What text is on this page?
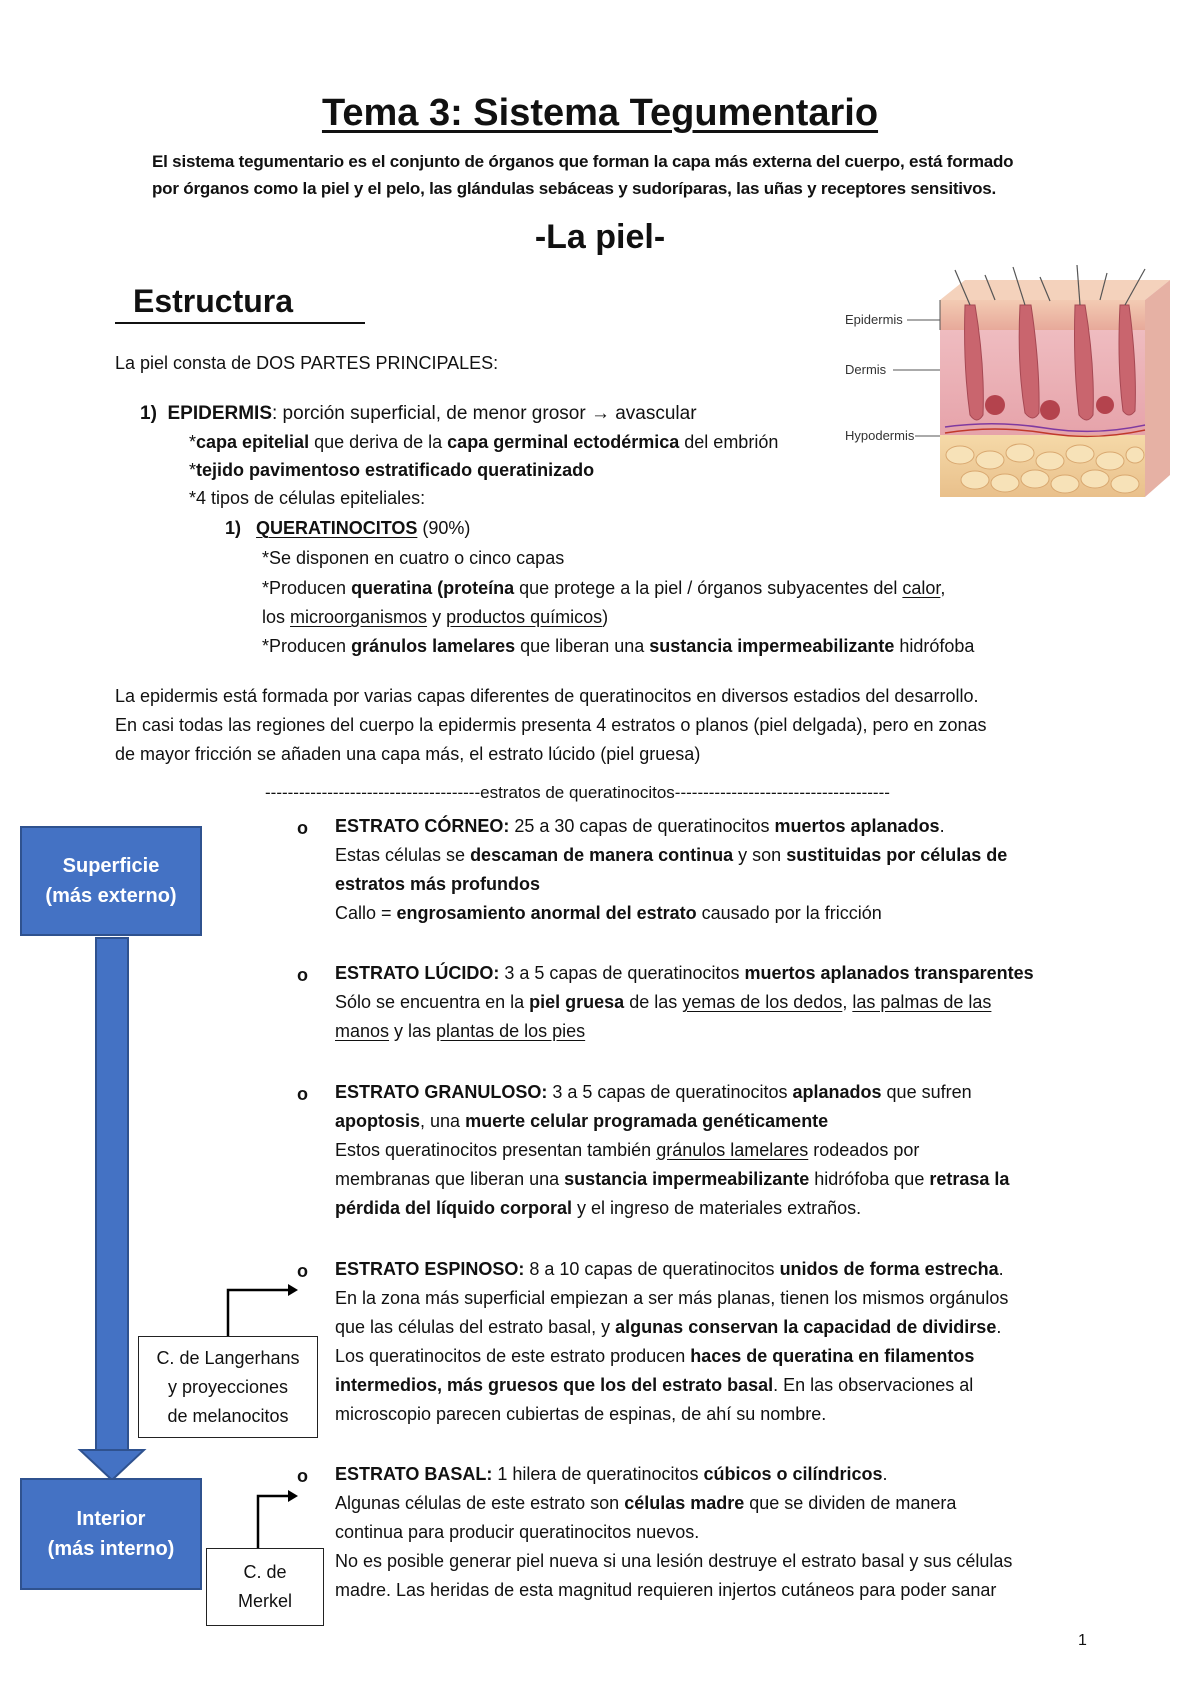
Tema 3: Sistema Tegumentario
El sistema tegumentario es el conjunto de órganos que forman la capa más externa del cuerpo, está formado
por órganos como la piel y el pelo, las glándulas sebáceas y sudoríparas, las uñas y receptores sensitivos.
-La piel-
Estructura
Epidermis
Dermis
Hypodermis
La piel consta de DOS PARTES PRINCIPALES:
1) EPIDERMIS: porción superficial, de menor grosor → avascular
*capa epitelial que deriva de la capa germinal ectodérmica del embrión
*tejido pavimentoso estratificado queratinizado
*4 tipos de células epiteliales:
1) QUERATINOCITOS (90%)
*Se disponen en cuatro o cinco capas
*Producen queratina (proteína que protege a la piel / órganos subyacentes del calor,
los microorganismos y productos químicos)
*Producen gránulos lamelares que liberan una sustancia impermeabilizante hidrófoba
La epidermis está formada por varias capas diferentes de queratinocitos en diversos estadios del desarrollo.
En casi todas las regiones del cuerpo la epidermis presenta 4 estratos o planos (piel delgada), pero en zonas
de mayor fricción se añaden una capa más, el estrato lúcido (piel gruesa)
--------------------------------------estratos de queratinocitos--------------------------------------
o ESTRATO CÓRNEO: 25 a 30 capas de queratinocitos muertos aplanados.
Estas células se descaman de manera continua y son sustituidas por células de
estratos más profundos
Callo = engrosamiento anormal del estrato causado por la fricción
o ESTRATO LÚCIDO: 3 a 5 capas de queratinocitos muertos aplanados transparentes
Sólo se encuentra en la piel gruesa de las yemas de los dedos, las palmas de las
manos y las plantas de los pies
o ESTRATO GRANULOSO: 3 a 5 capas de queratinocitos aplanados que sufren
apoptosis, una muerte celular programada genéticamente
Estos queratinocitos presentan también gránulos lamelares rodeados por
membranas que liberan una sustancia impermeabilizante hidrófoba que retrasa la
pérdida del líquido corporal y el ingreso de materiales extraños.
o ESTRATO ESPINOSO: 8 a 10 capas de queratinocitos unidos de forma estrecha.
En la zona más superficial empiezan a ser más planas, tienen los mismos orgánulos
que las células del estrato basal, y algunas conservan la capacidad de dividirse.
Los queratinocitos de este estrato producen haces de queratina en filamentos
intermedios, más gruesos que los del estrato basal. En las observaciones al
microscopio parecen cubiertas de espinas, de ahí su nombre.
o ESTRATO BASAL: 1 hilera de queratinocitos cúbicos o cilíndricos.
Algunas células de este estrato son células madre que se dividen de manera
continua para producir queratinocitos nuevos.
No es posible generar piel nueva si una lesión destruye el estrato basal y sus células
madre. Las heridas de esta magnitud requieren injertos cutáneos para poder sanar
Superficie
(más externo)
Interior
(más interno)
C. de Langerhans
y proyecciones
de melanocitos
C. de
Merkel
1
